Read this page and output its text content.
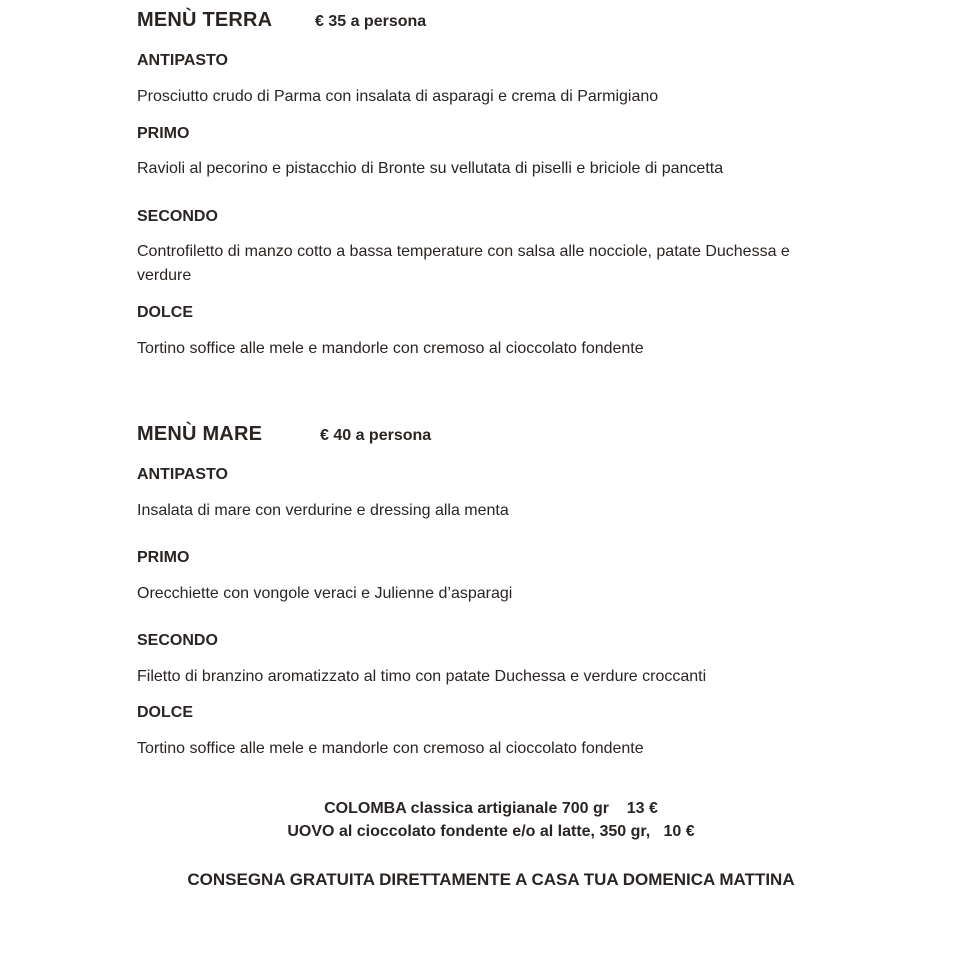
MENÙ TERRA	€ 35 a persona
ANTIPASTO
Prosciutto crudo di Parma con insalata di asparagi e crema di Parmigiano
PRIMO
Ravioli al pecorino e pistacchio di Bronte su vellutata di piselli e briciole di pancetta
SECONDO
Controfiletto di manzo cotto a bassa temperature con salsa alle nocciole, patate Duchessa e verdure
DOLCE
Tortino soffice alle mele e mandorle con cremoso al cioccolato fondente
MENÙ MARE	€ 40 a persona
ANTIPASTO
Insalata di mare con verdurine e dressing alla menta
PRIMO
Orecchiette con vongole veraci e Julienne d’asparagi
SECONDO
Filetto di branzino aromatizzato al timo con patate Duchessa e verdure croccanti
DOLCE
Tortino soffice alle mele e mandorle con cremoso al cioccolato fondente
COLOMBA classica artigianale 700 gr    13 €
UOVO al cioccolato fondente e/o al latte, 350 gr,   10 €
CONSEGNA GRATUITA DIRETTAMENTE A CASA TUA DOMENICA MATTINA
